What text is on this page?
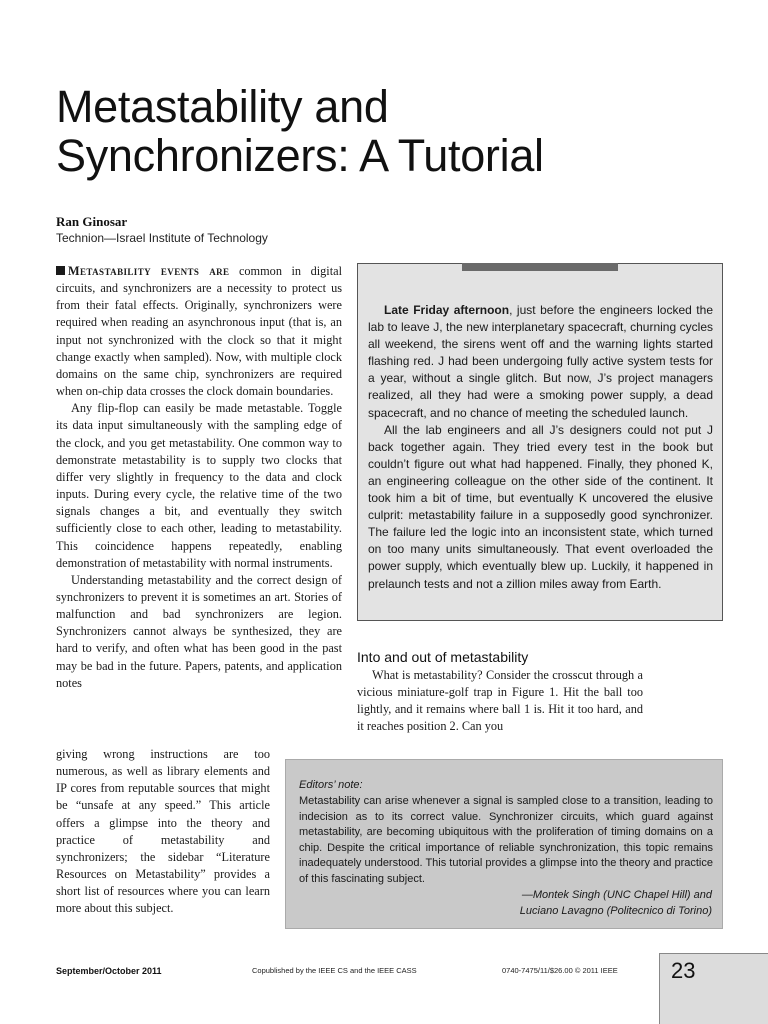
Metastability and
Synchronizers: A Tutorial
Ran Ginosar
Technion—Israel Institute of Technology

Metastability events are common in digital circuits, and synchronizers are a necessity to protect us from their fatal effects. Originally, synchronizers were required when reading an asynchronous input (that is, an input not synchronized with the clock so that it might change exactly when sampled). Now, with multiple clock domains on the same chip, synchronizers are required when on-chip data crosses the clock domain boundaries.

Any flip-flop can easily be made metastable. Toggle its data input simultaneously with the sampling edge of the clock, and you get metastability. One common way to demonstrate metastability is to supply two clocks that differ very slightly in frequency to the data and clock inputs. During every cycle, the relative time of the two signals changes a bit, and eventually they switch sufficiently close to each other, leading to metastability. This coincidence happens repeatedly, enabling demonstration of metastability with normal instruments.

Understanding metastability and the correct design of synchronizers to prevent it is sometimes an art. Stories of malfunction and bad synchronizers are legion. Synchronizers cannot always be synthesized, they are hard to verify, and often what has been good in the past may be bad in the future. Papers, patents, and application notes

giving wrong instructions are too numerous, as well as library elements and IP cores from reputable sources that might be “unsafe at any speed.” This article offers a glimpse into the theory and practice of metastability and synchronizers; the sidebar “Literature Resources on Metastability” provides a short list of resources where you can learn more about this subject.

Late Friday afternoon, just before the engineers locked the lab to leave J, the new interplanetary spacecraft, churning cycles all weekend, the sirens went off and the warning lights started flashing red. J had been undergoing fully active system tests for a year, without a single glitch. But now, J’s project managers realized, all they had were a smoking power supply, a dead spacecraft, and no chance of meeting the scheduled launch.

All the lab engineers and all J’s designers could not put J back together again. They tried every test in the book but couldn’t figure out what had happened. Finally, they phoned K, an engineering colleague on the other side of the continent. It took him a bit of time, but eventually K uncovered the elusive culprit: metastability failure in a supposedly good synchronizer. The failure led the logic into an inconsistent state, which turned on too many units simultaneously. That event overloaded the power supply, which eventually blew up. Luckily, it happened in prelaunch tests and not a zillion miles away from Earth.

Into and out of metastability

What is metastability? Consider the crosscut through a vicious miniature-golf trap in Figure 1. Hit the ball too lightly, and it remains where ball 1 is. Hit it too hard, and it reaches position 2. Can you

Editors’ note:
Metastability can arise whenever a signal is sampled close to a transition, leading to indecision as to its correct value. Synchronizer circuits, which guard against metastability, are becoming ubiquitous with the proliferation of timing domains on a chip. Despite the critical importance of reliable synchronization, this topic remains inadequately understood. This tutorial provides a glimpse into the theory and practice of this fascinating subject.
—Montek Singh (UNC Chapel Hill) and
Luciano Lavagno (Politecnico di Torino)
September/October 2011	Copublished by the IEEE CS and the IEEE CASS	0740-7475/11/$26.00 © 2011 IEEE 23
